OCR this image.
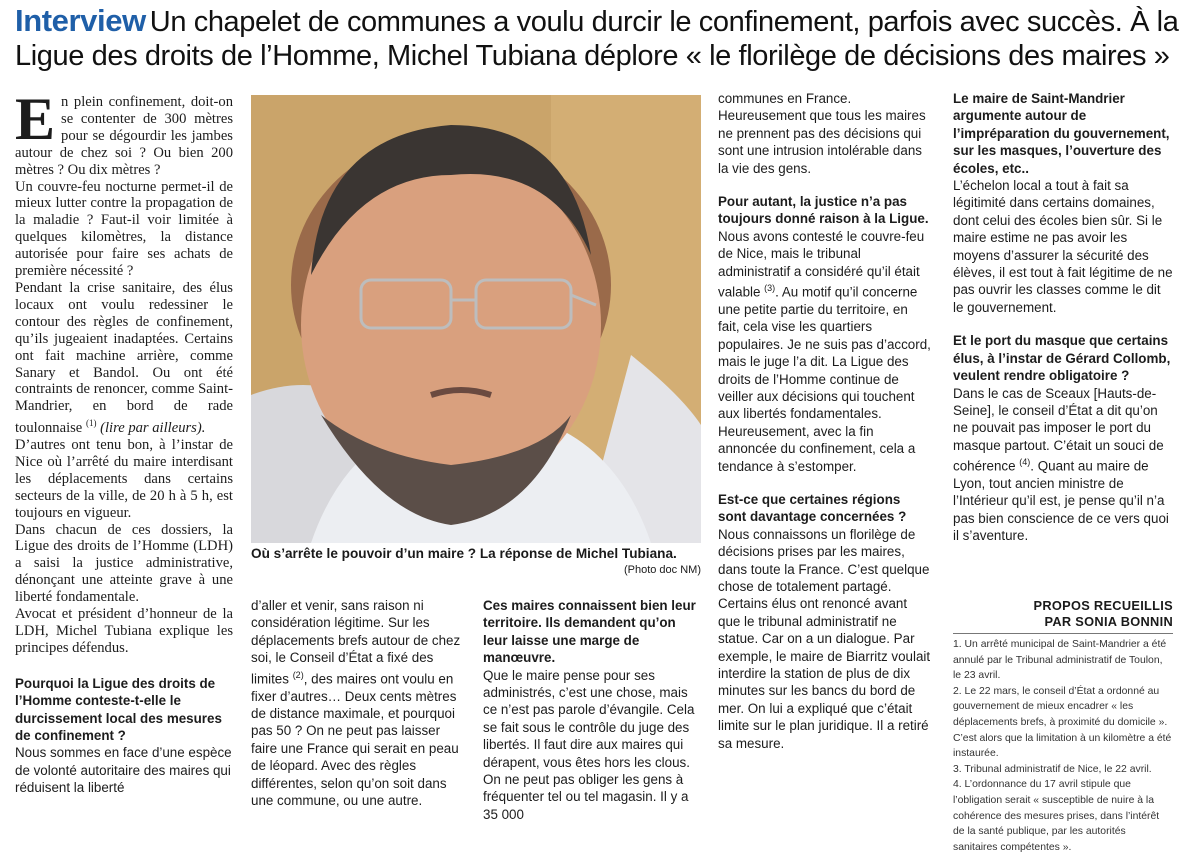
Interview Un chapelet de communes a voulu durcir le confinement, parfois avec succès. À la Ligue des droits de l’Homme, Michel Tubiana déplore « le florilège de décisions des maires »
E n plein confinement, doit-on se contenter de 300 mètres pour se dégourdir les jambes autour de chez soi ? Ou bien 200 mètres ? Ou dix mètres ?

Un couvre-feu nocturne permet-il de mieux lutter contre la propagation de la maladie ? Faut-il voir limitée à quelques kilomètres, la distance autorisée pour faire ses achats de première nécessité ?

Pendant la crise sanitaire, des élus locaux ont voulu redessiner le contour des règles de confinement, qu’ils jugeaient inadaptées. Certains ont fait machine arrière, comme Sanary et Bandol. Ou ont été contraints de renoncer, comme Saint-Mandrier, en bord de rade toulonnaise $^{(1)}$ (lire par ailleurs).

D’autres ont tenu bon, à l’instar de Nice où l’arrêté du maire interdisant les déplacements dans certains secteurs de la ville, de 20 h à 5 h, est toujours en vigueur.

Dans chacun de ces dossiers, la Ligue des droits de l’Homme (LDH) a saisi la justice administrative, dénonçant une atteinte grave à une liberté fondamentale.

Avocat et président d’honneur de la LDH, Michel Tubiana explique les principes défendus.

Pourquoi la Ligue des droits de l’Homme conteste-t-elle le durcissement local des mesures de confinement ?

Nous sommes en face d’une espèce de volonté autoritaire des maires qui réduisent la liberté

Où s’arrête le pouvoir d’un maire ? La réponse de Michel Tubiana.
(Photo doc NM)

d’aller et venir, sans raison ni considération légitime. Sur les déplacements brefs autour de chez soi, le Conseil d’État a fixé des limites $^{(2)}$, des maires ont voulu en fixer d’autres… Deux cents mètres de distance maximale, et pourquoi pas 50 ? On ne peut pas laisser faire une France qui serait en peau de léopard. Avec des règles différentes, selon qu’on soit dans une commune, ou une autre.

Ces maires connaissent bien leur territoire. Ils demandent qu’on leur laisse une marge de manœuvre.

Que le maire pense pour ses administrés, c’est une chose, mais ce n’est pas parole d’évangile. Cela se fait sous le contrôle du juge des libertés. Il faut dire aux maires qui dérapent, vous êtes hors les clous. On ne peut pas obliger les gens à fréquenter tel ou tel magasin. Il y a 35 000

communes en France. Heureusement que tous les maires ne prennent pas des décisions qui sont une intrusion intolérable dans la vie des gens.

Pour autant, la justice n’a pas toujours donné raison à la Ligue.

Nous avons contesté le couvre-feu de Nice, mais le tribunal administratif a considéré qu’il était valable $^{(3)}$. Au motif qu’il concerne une petite partie du territoire, en fait, cela vise les quartiers populaires. Je ne suis pas d’accord, mais le juge l’a dit. La Ligue des droits de l’Homme continue de veiller aux décisions qui touchent aux libertés fondamentales. Heureusement, avec la fin annoncée du confinement, cela a tendance à s’estomper.

Est-ce que certaines régions sont davantage concernées ?

Nous connaissons un florilège de décisions prises par les maires, dans toute la France. C’est quelque chose de totalement partagé. Certains élus ont renoncé avant que le tribunal administratif ne statue. Car on a un dialogue. Par exemple, le maire de Biarritz voulait interdire la station de plus de dix minutes sur les bancs du bord de mer. On lui a expliqué que c’était limite sur le plan juridique. Il a retiré sa mesure.

Le maire de Saint-Mandrier argumente autour de l’impréparation du gouvernement, sur les masques, l’ouverture des écoles, etc..

L’échelon local a tout à fait sa légitimité dans certains domaines, dont celui des écoles bien sûr. Si le maire estime ne pas avoir les moyens d’assurer la sécurité des élèves, il est tout à fait légitime de ne pas ouvrir les classes comme le dit le gouvernement.

Et le port du masque que certains élus, à l’instar de Gérard Collomb, veulent rendre obligatoire ?

Dans le cas de Sceaux [Hauts-de-Seine], le conseil d’État a dit qu’on ne pouvait pas imposer le port du masque partout. C’était un souci de cohérence $^{(4)}$. Quant au maire de Lyon, tout ancien ministre de l’Intérieur qu’il est, je pense qu’il n’a pas bien conscience de ce vers quoi il s’aventure.

PROPOS RECUEILLIS
PAR SONIA BONNIN

1. Un arrêté municipal de Saint-Mandrier a été annulé par le Tribunal administratif de Toulon, le 23 avril.

2. Le 22 mars, le conseil d’État a ordonné au gouvernement de mieux encadrer « les déplacements brefs, à proximité du domicile ». C’est alors que la limitation à un kilomètre a été instaurée.

3. Tribunal administratif de Nice, le 22 avril.

4. L’ordonnance du 17 avril stipule que l’obligation serait « susceptible de nuire à la cohérence des mesures prises, dans l’intérêt de la santé publique, par les autorités sanitaires compétentes ».
